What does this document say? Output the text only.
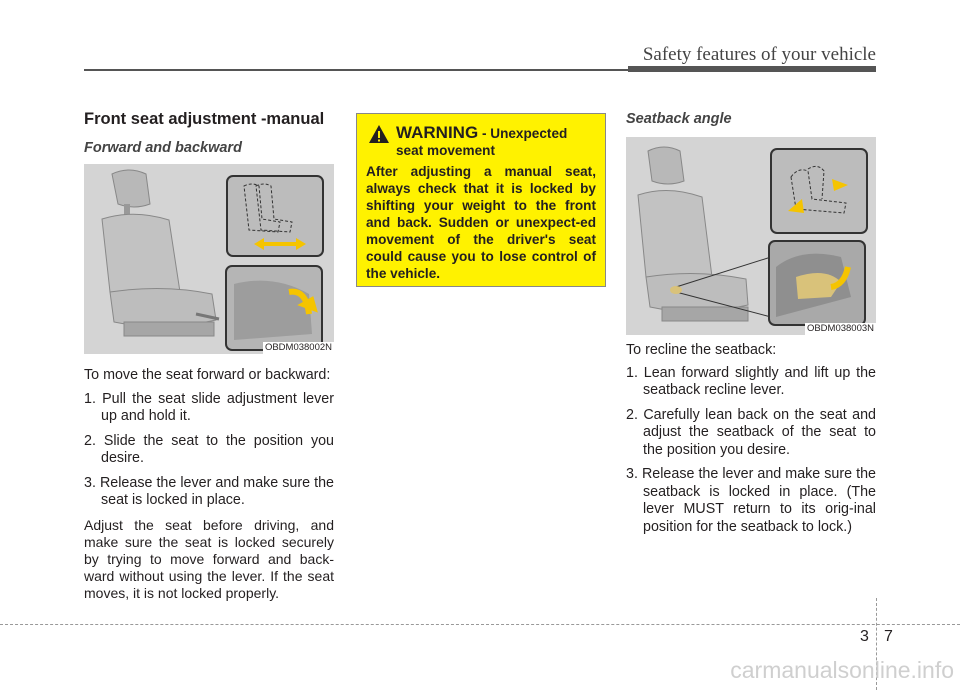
Safety features of your vehicle
Front seat adjustment -manual
Forward and backward
OBDM038002N

To move the seat forward or backward:

1. Pull the seat slide adjustment lever up and hold it.
2. Slide the seat to the position you desire.
3. Release the lever and make sure the seat is locked in place.

Adjust the seat before driving, and make sure the seat is locked securely by trying to move forward and back-ward without using the lever. If the seat moves, it is not locked properly.

WARNING - Unexpected
seat movement

After adjusting a manual seat, always check that it is locked by shifting your weight to the front and back. Sudden or unexpect-ed movement of the driver's seat could cause you to lose control of the vehicle.

Seatback angle
OBDM038003N

To recline the seatback:

1. Lean forward slightly and lift up the seatback recline lever.
2. Carefully lean back on the seat and adjust the seatback of the seat to the position you desire.
3. Release the lever and make sure the seatback is locked in place. (The lever MUST return to its orig-inal position for the seatback to lock.)
3 7
carmanualsonline.info
